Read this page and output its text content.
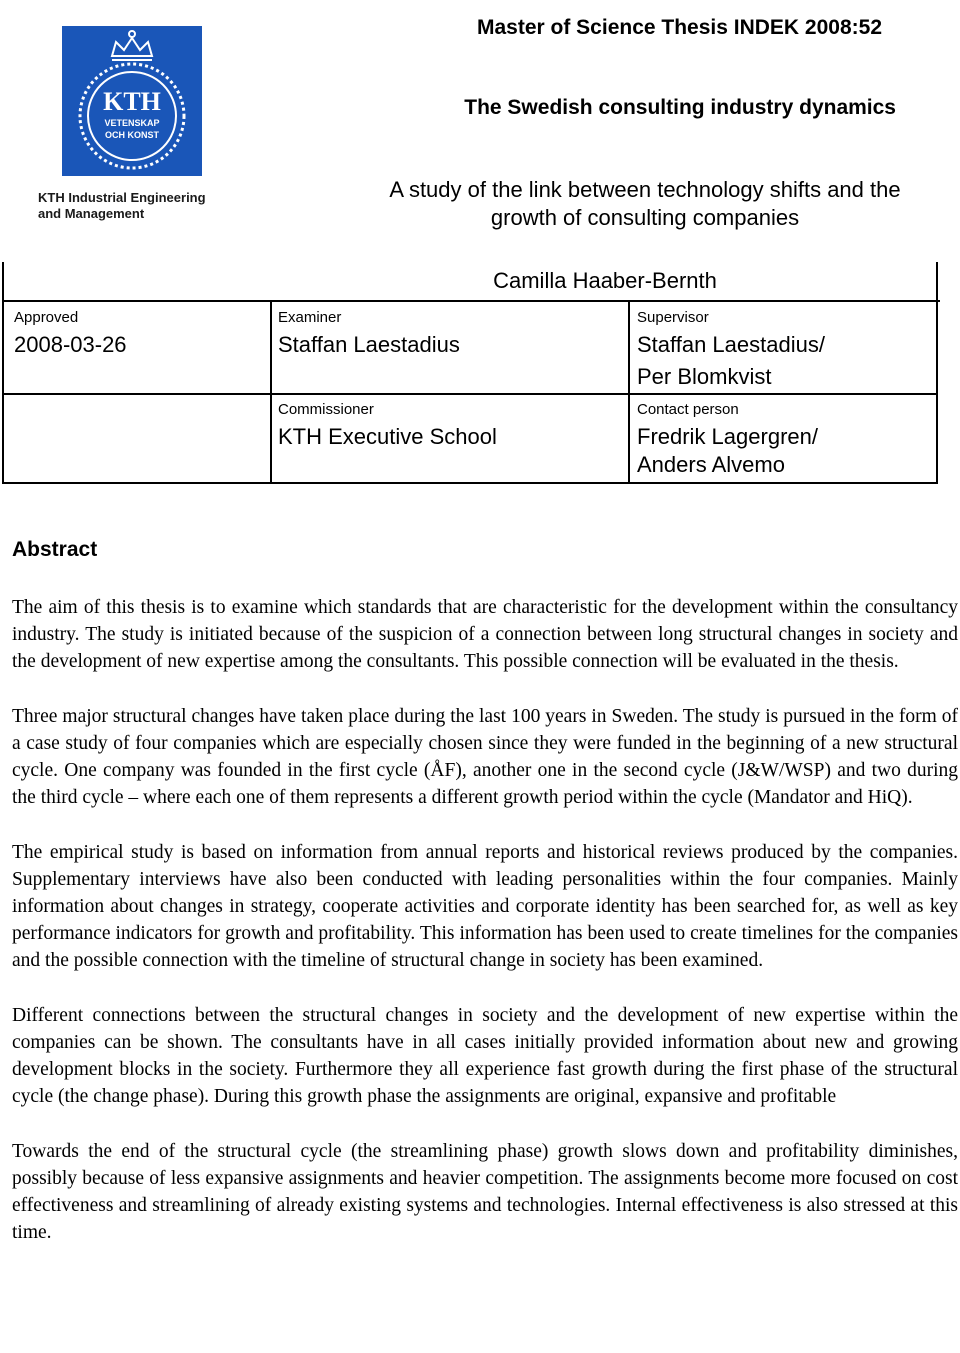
KTH
VETENSKAP
OCH KONST
KTH Industrial Engineering
and Management
Master of Science Thesis INDEK 2008:52
The Swedish consulting industry dynamics
A study of the link between technology shifts and the
growth of consulting companies
Camilla Haaber-Bernth
Approved
2008-03-26
Examiner
Staffan Laestadius
Commissioner
KTH Executive School
Supervisor
Staffan Laestadius/
Per Blomkvist
Contact person
Fredrik Lagergren/
Anders Alvemo
Abstract

The aim of this thesis is to examine which standards that are characteristic for the development within the consultancy industry. The study is initiated because of the suspicion of a connection between long structural changes in society and the development of new expertise among the consultants. This possible connection will be evaluated in the thesis.

Three major structural changes have taken place during the last 100 years in Sweden. The study is pursued in the form of a case study of four companies which are especially chosen since they were funded in the beginning of a new structural cycle. One company was founded in the first cycle (ÅF), another one in the second cycle (J&W/WSP) and two during the third cycle – where each one of them represents a different growth period within the cycle (Mandator and HiQ).

The empirical study is based on information from annual reports and historical reviews produced by the companies. Supplementary interviews have also been conducted with leading personalities within the four companies. Mainly information about changes in strategy, cooperate activities and corporate identity has been searched for, as well as key performance indicators for growth and profitability. This information has been used to create timelines for the companies and the possible connection with the timeline of structural change in society has been examined.

Different connections between the structural changes in society and the development of new expertise within the companies can be shown. The consultants have in all cases initially provided information about new and growing development blocks in the society. Furthermore they all experience fast growth during the first phase of the structural cycle (the change phase). During this growth phase the assignments are original, expansive and profitable

Towards the end of the structural cycle (the streamlining phase) growth slows down and profitability diminishes, possibly because of less expansive assignments and heavier competition. The assignments become more focused on cost effectiveness and streamlining of already existing systems and technologies. Internal effectiveness is also stressed at this time.
